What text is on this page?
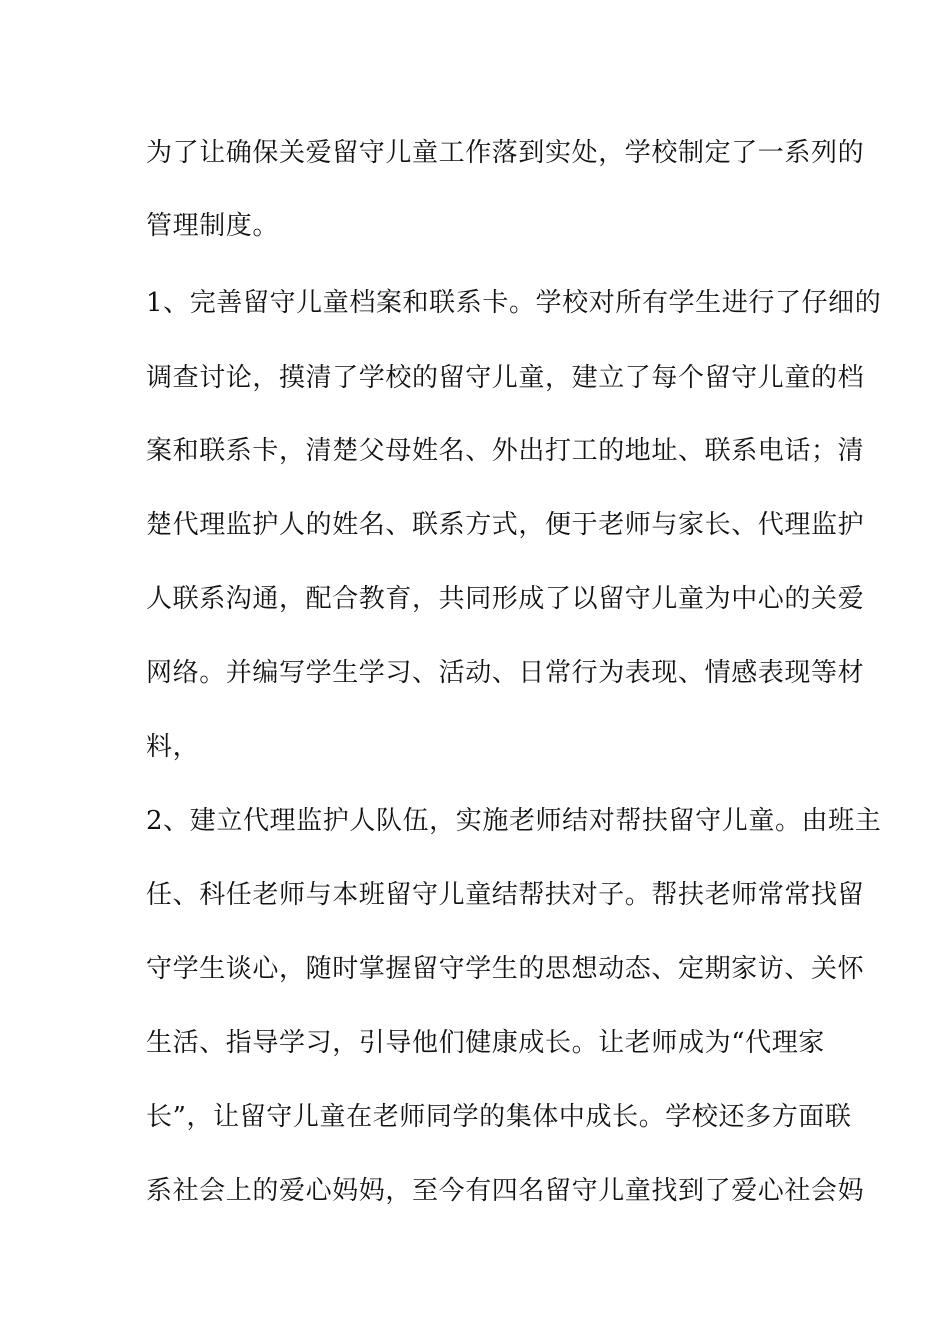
为了让确保关爱留守儿童工作落到实处，学校制定了一系列的
管理制度。
1、完善留守儿童档案和联系卡。学校对所有学生进行了仔细的
调查讨论，摸清了学校的留守儿童，建立了每个留守儿童的档
案和联系卡，清楚父母姓名、外出打工的地址、联系电话；清
楚代理监护人的姓名、联系方式，便于老师与家长、代理监护
人联系沟通，配合教育，共同形成了以留守儿童为中心的关爱
网络。并编写学生学习、活动、日常行为表现、情感表现等材
料，
2、建立代理监护人队伍，实施老师结对帮扶留守儿童。由班主
任、科任老师与本班留守儿童结帮扶对子。帮扶老师常常找留
守学生谈心，随时掌握留守学生的思想动态、定期家访、关怀
生活、指导学习，引导他们健康成长。让老师成为“代理家
长”，让留守儿童在老师同学的集体中成长。学校还多方面联
系社会上的爱心妈妈，至今有四名留守儿童找到了爱心社会妈
